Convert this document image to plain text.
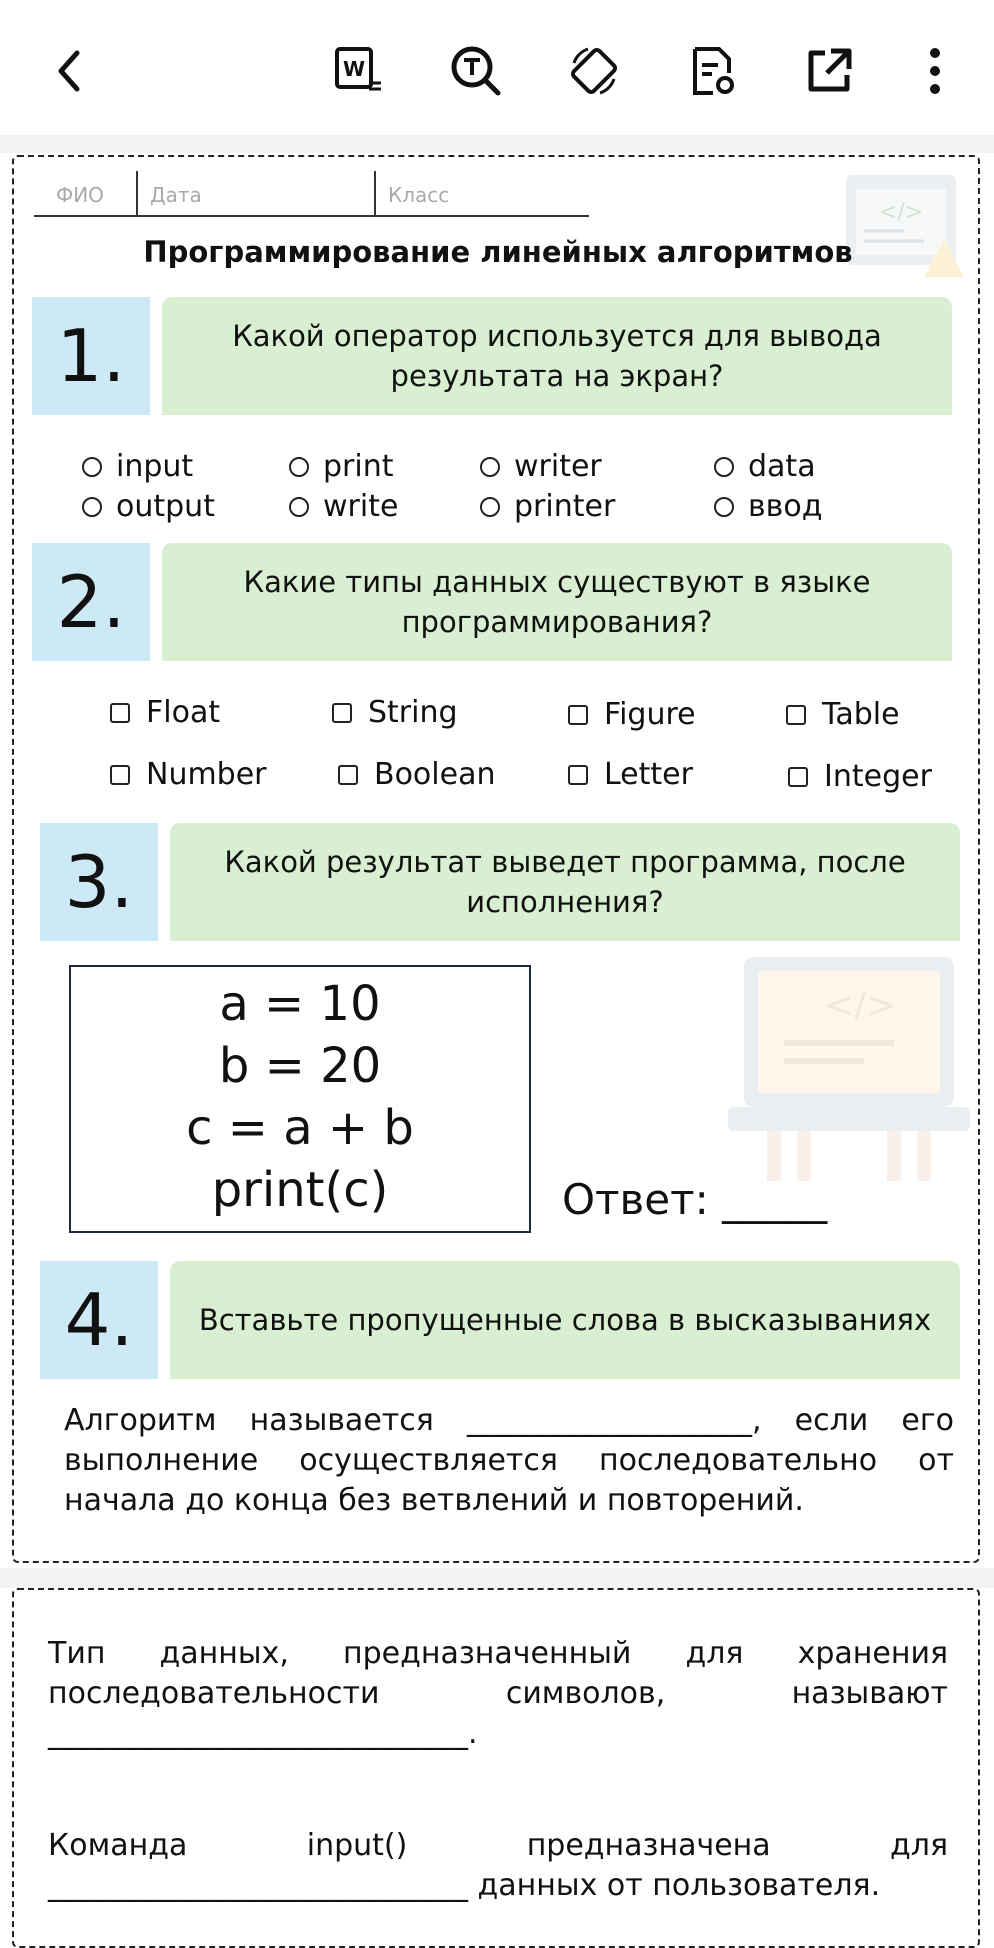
W
ФИО Дата	Класс
</>
Программирование линейных алгоритмов
1.	Какой оператор используется для вывода результата на экран?
input	print	writer	data
output	write	printer	ввод
2.	Какие типы данных существуют в языке программирования?
Float	String	Figure	Table
Number	Boolean	Letter	Integer
3.	Какой результат выведет программа, после исполнения?
</>
a = 10
b = 20
c = a + b
print(c)	Ответ: _____
4.	Вставьте пропущенные слова в высказываниях
Алгоритм называется ___________________, если его выполнение осуществляется последовательно от начала до конца без ветвлений и повторений.
Тип данных, предназначенный для хранения последовательности символов, называют ____________________________.
Команда input() предназначена для ____________________________ данных от пользователя.
